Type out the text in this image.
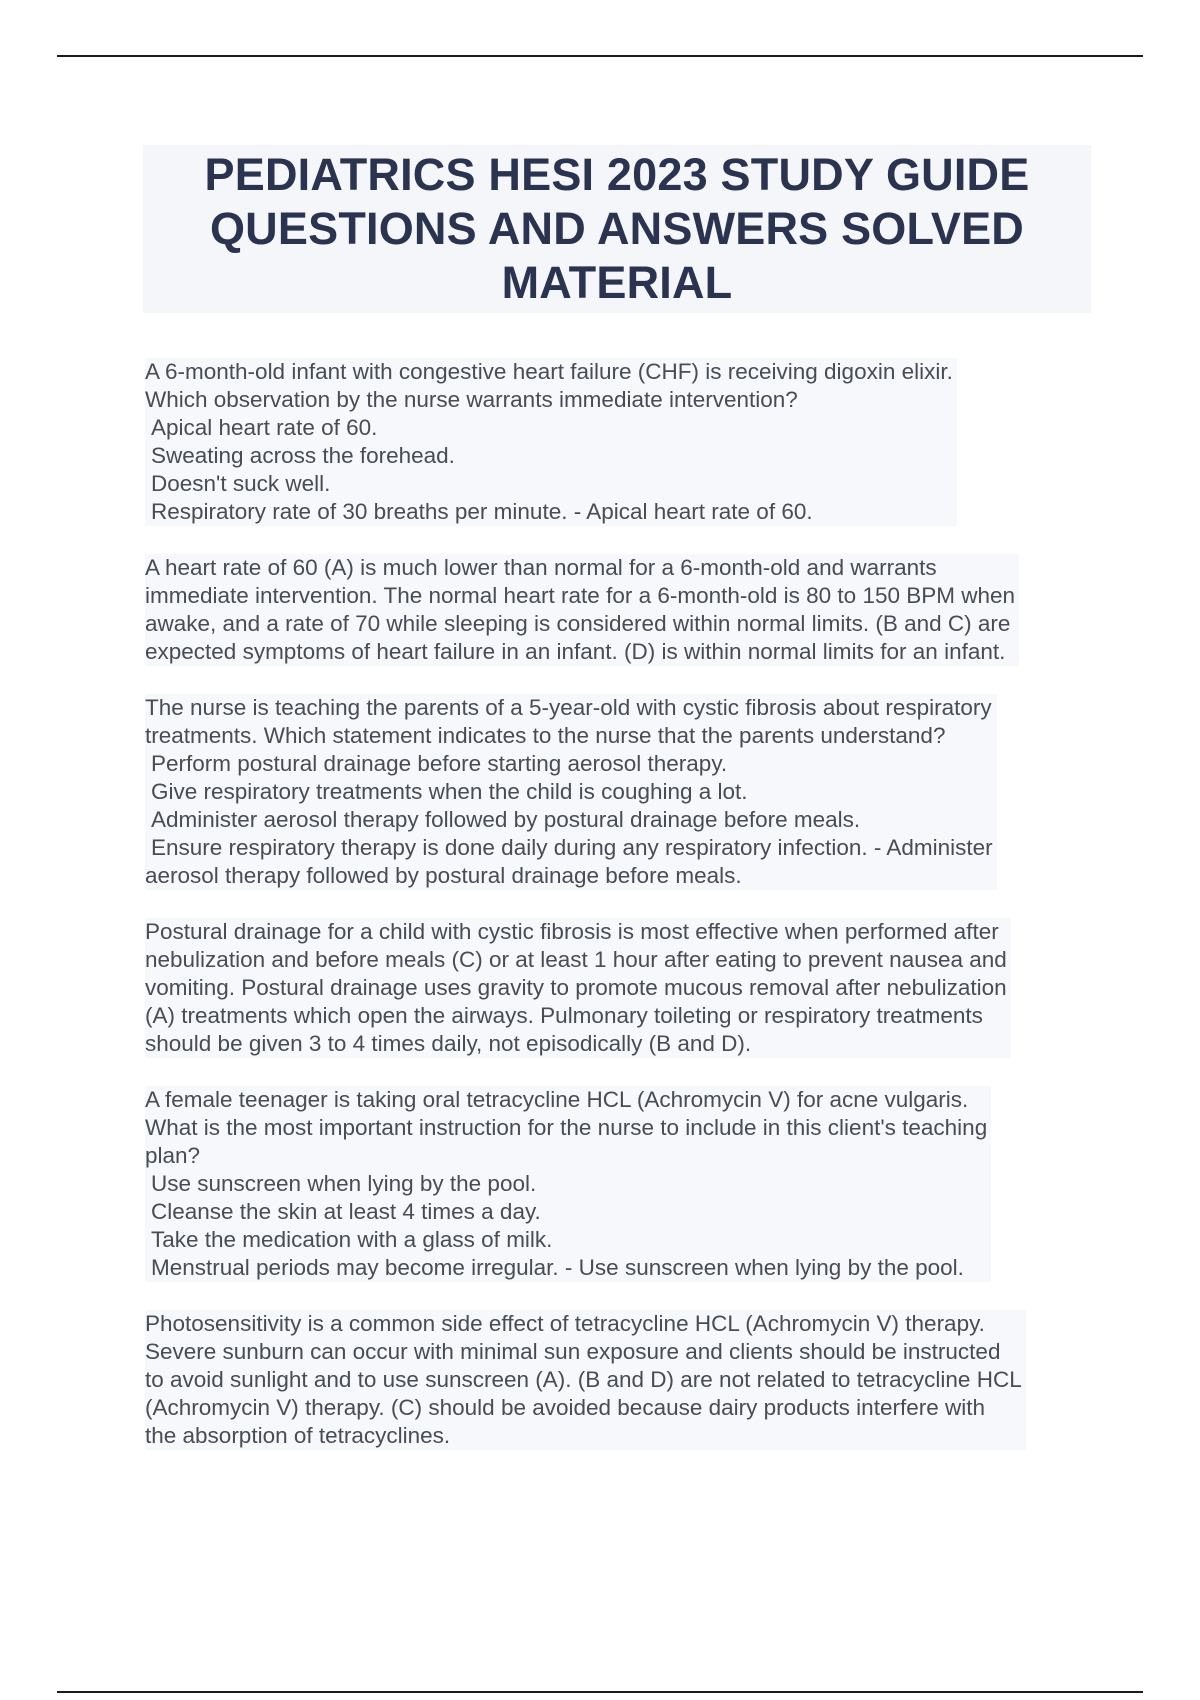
PEDIATRICS HESI 2023 STUDY GUIDE
QUESTIONS AND ANSWERS SOLVED
MATERIAL

A 6-month-old infant with congestive heart failure (CHF) is receiving digoxin elixir.

Which observation by the nurse warrants immediate intervention?

Apical heart rate of 60.

Sweating across the forehead.

Doesn't suck well.

Respiratory rate of 30 breaths per minute. - Apical heart rate of 60.

A heart rate of 60 (A) is much lower than normal for a 6-month-old and warrants

immediate intervention. The normal heart rate for a 6-month-old is 80 to 150 BPM when

awake, and a rate of 70 while sleeping is considered within normal limits. (B and C) are

expected symptoms of heart failure in an infant. (D) is within normal limits for an infant.

The nurse is teaching the parents of a 5-year-old with cystic fibrosis about respiratory

treatments. Which statement indicates to the nurse that the parents understand?

Perform postural drainage before starting aerosol therapy.

Give respiratory treatments when the child is coughing a lot.

Administer aerosol therapy followed by postural drainage before meals.

Ensure respiratory therapy is done daily during any respiratory infection. - Administer

aerosol therapy followed by postural drainage before meals.

Postural drainage for a child with cystic fibrosis is most effective when performed after

nebulization and before meals (C) or at least 1 hour after eating to prevent nausea and

vomiting. Postural drainage uses gravity to promote mucous removal after nebulization

(A) treatments which open the airways. Pulmonary toileting or respiratory treatments

should be given 3 to 4 times daily, not episodically (B and D).

A female teenager is taking oral tetracycline HCL (Achromycin V) for acne vulgaris.

What is the most important instruction for the nurse to include in this client's teaching

plan?

Use sunscreen when lying by the pool.

Cleanse the skin at least 4 times a day.

Take the medication with a glass of milk.

Menstrual periods may become irregular. - Use sunscreen when lying by the pool.

Photosensitivity is a common side effect of tetracycline HCL (Achromycin V) therapy.

Severe sunburn can occur with minimal sun exposure and clients should be instructed

to avoid sunlight and to use sunscreen (A). (B and D) are not related to tetracycline HCL

(Achromycin V) therapy. (C) should be avoided because dairy products interfere with

the absorption of tetracyclines.
